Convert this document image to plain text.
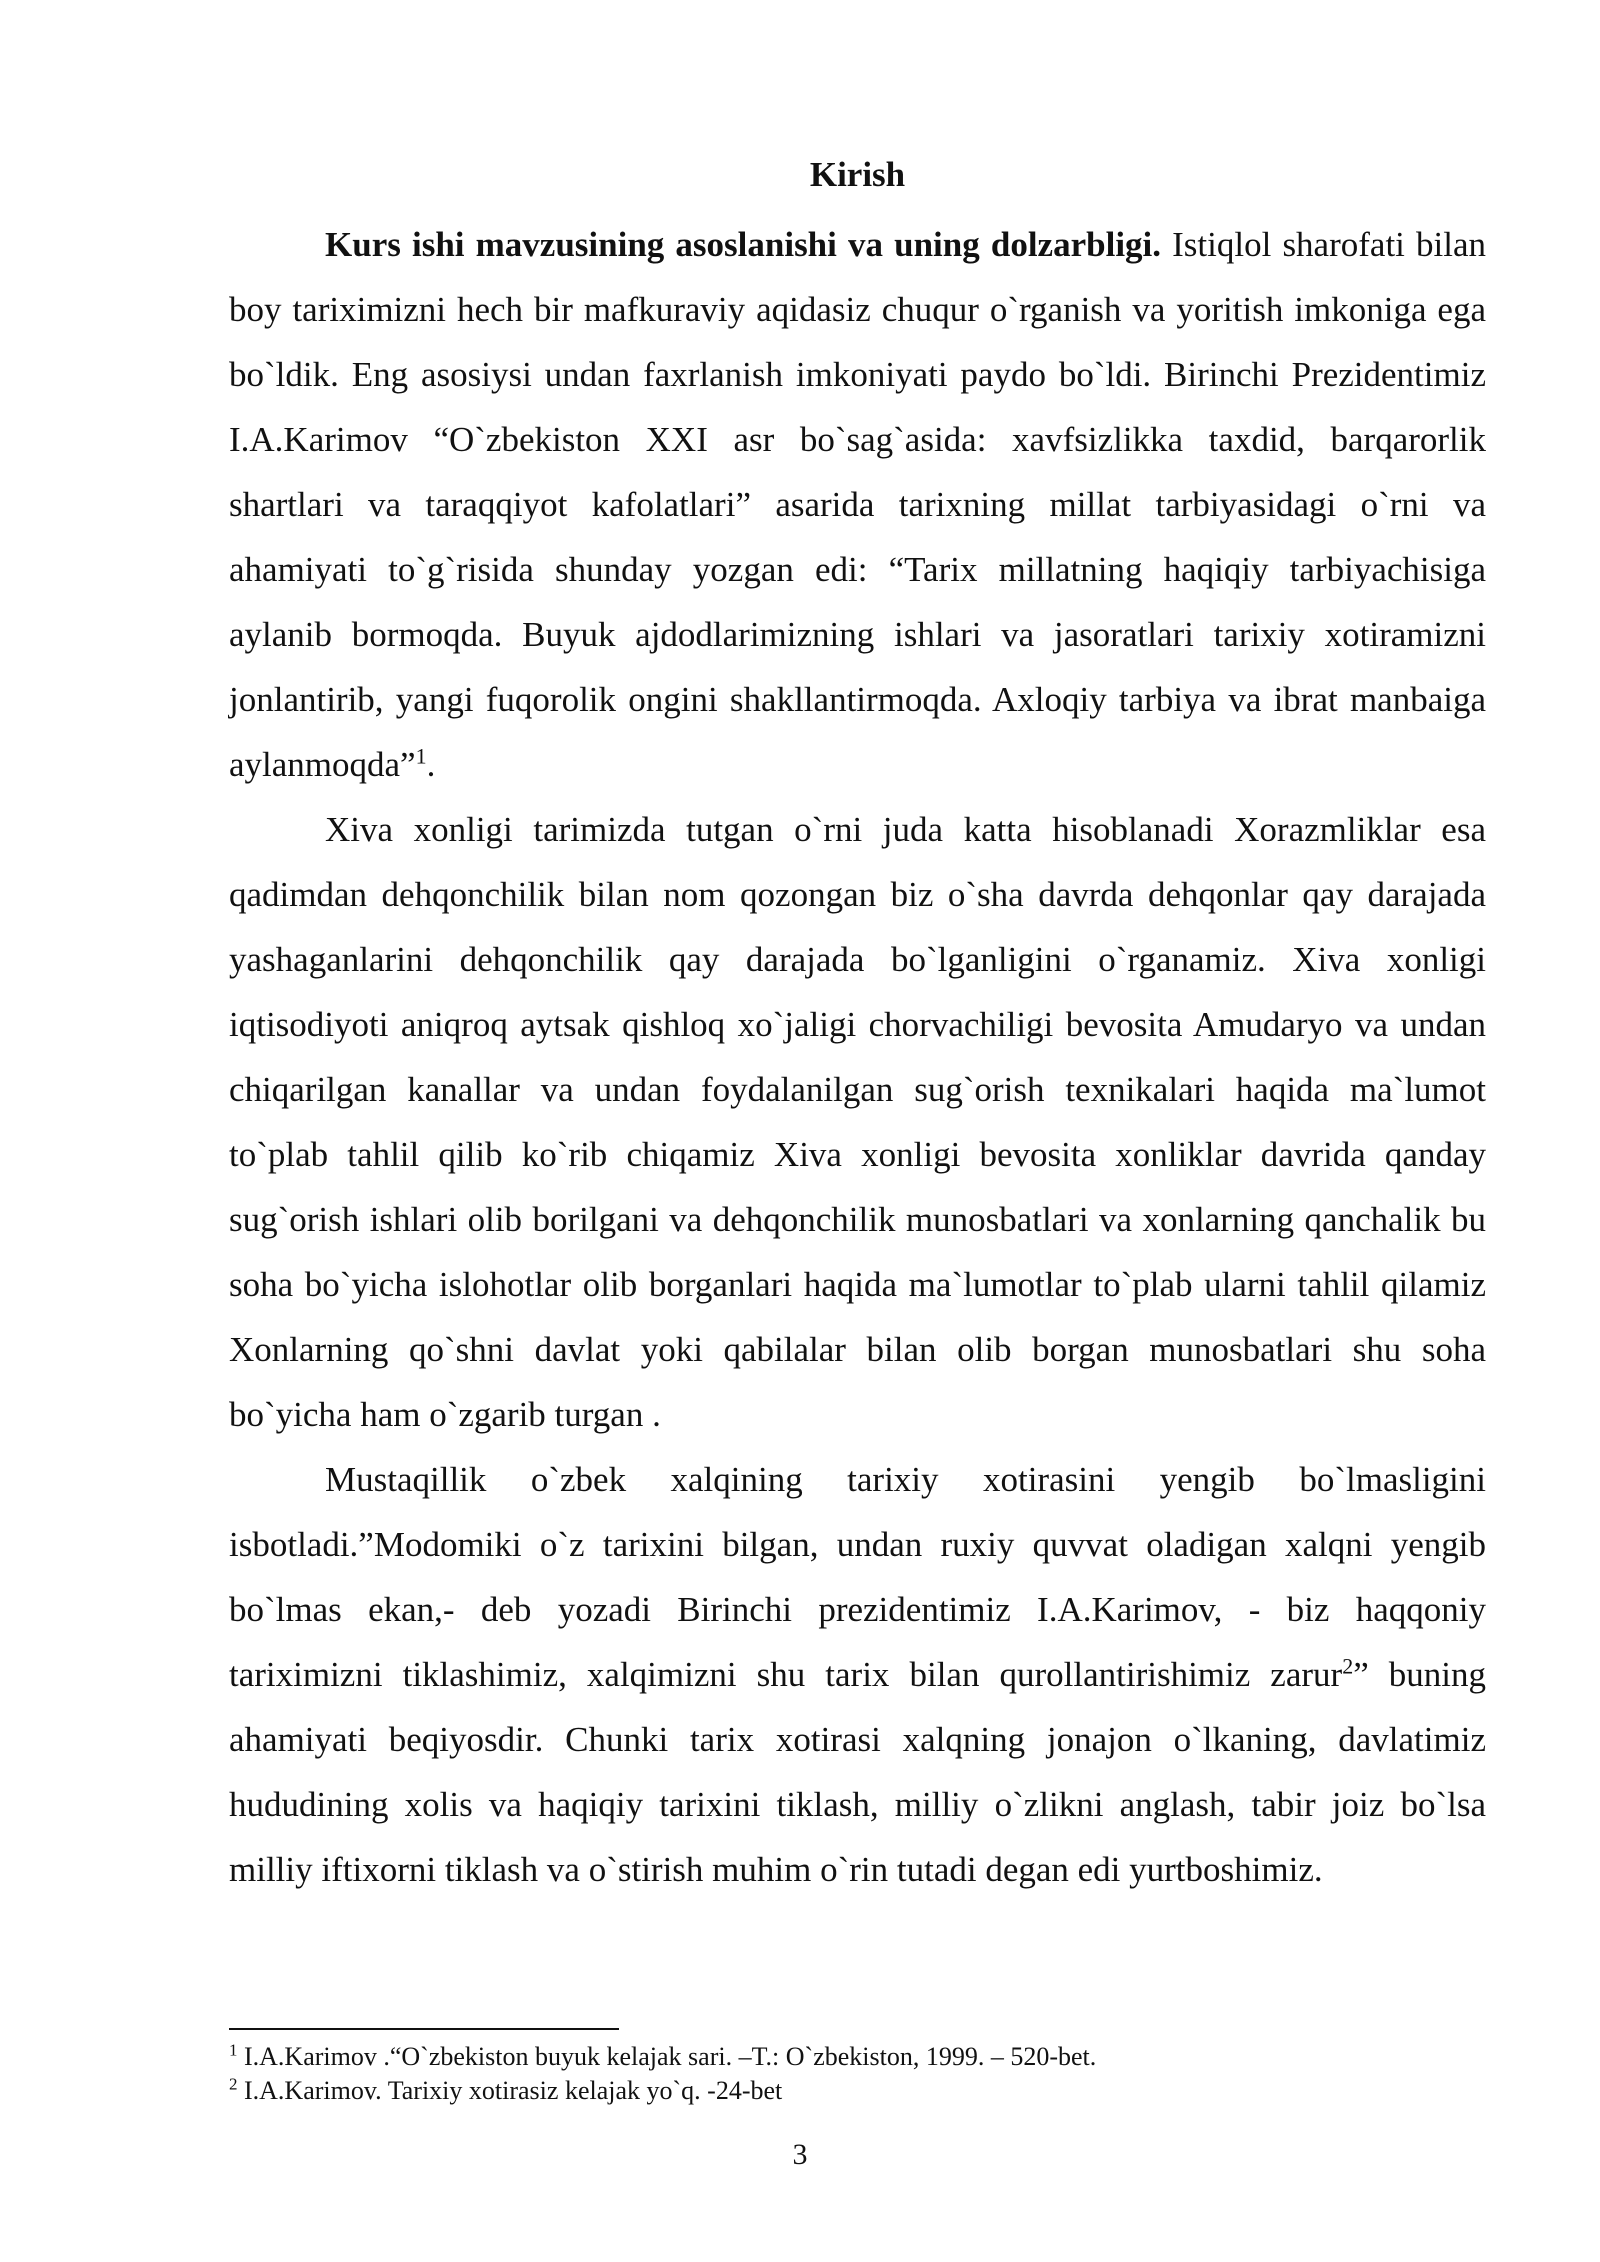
Kirish

Kurs ishi mavzusining asoslanishi va uning dolzarbligi. Istiqlol sharofati bilan boy tariximizni hech bir mafkuraviy aqidasiz chuqur o`rganish va yoritish imkoniga ega bo`ldik. Eng asosiysi undan faxrlanish imkoniyati paydo bo`ldi. Birinchi Prezidentimiz I.A.Karimov “O`zbekiston XXI asr bo`sag`asida: xavfsizlikka taxdid, barqarorlik shartlari va taraqqiyot kafolatlari” asarida tarixning millat tarbiyasidagi o`rni va ahamiyati to`g`risida shunday yozgan edi: “Tarix millatning haqiqiy tarbiyachisiga aylanib bormoqda. Buyuk ajdodlarimizning ishlari va jasoratlari tarixiy xotiramizni jonlantirib, yangi fuqorolik ongini shakllantirmoqda. Axloqiy tarbiya va ibrat manbaiga aylanmoqda”$^1$.

Xiva xonligi tarimizda tutgan o`rni juda katta hisoblanadi Xorazmliklar esa qadimdan dehqonchilik bilan nom qozongan biz o`sha davrda dehqonlar qay darajada yashaganlarini dehqonchilik qay darajada bo`lganligini o`rganamiz. Xiva xonligi iqtisodiyoti aniqroq aytsak qishloq xo`jaligi chorvachiligi bevosita Amudaryo va undan chiqarilgan kanallar va undan foydalanilgan sug`orish texnikalari haqida ma`lumot to`plab tahlil qilib ko`rib chiqamiz Xiva xonligi bevosita xonliklar davrida qanday sug`orish ishlari olib borilgani va dehqonchilik munosbatlari va xonlarning qanchalik bu soha bo`yicha islohotlar olib borganlari haqida ma`lumotlar to`plab ularni tahlil qilamiz Xonlarning qo`shni davlat yoki qabilalar bilan olib borgan munosbatlari shu soha bo`yicha ham o`zgarib turgan .

Mustaqillik o`zbek xalqining tarixiy xotirasini yengib bo`lmasligini isbotladi.”Modomiki o`z tarixini bilgan, undan ruxiy quvvat oladigan xalqni yengib bo`lmas ekan,- deb yozadi Birinchi prezidentimiz I.A.Karimov, - biz haqqoniy tariximizni tiklashimiz, xalqimizni shu tarix bilan qurollantirishimiz zarur$^2$” buning ahamiyati beqiyosdir. Chunki tarix xotirasi xalqning jonajon o`lkaning, davlatimiz hududining xolis va haqiqiy tarixini tiklash, milliy o`zlikni anglash, tabir joiz bo`lsa milliy iftixorni tiklash va o`stirish muhim o`rin tutadi degan edi yurtboshimiz.

$^1$ I.A.Karimov .“O`zbekiston buyuk kelajak sari. –T.: O`zbekiston, 1999. – 520-bet.
$^2$ I.A.Karimov. Tarixiy xotirasiz kelajak yo`q. -24-bet
3
